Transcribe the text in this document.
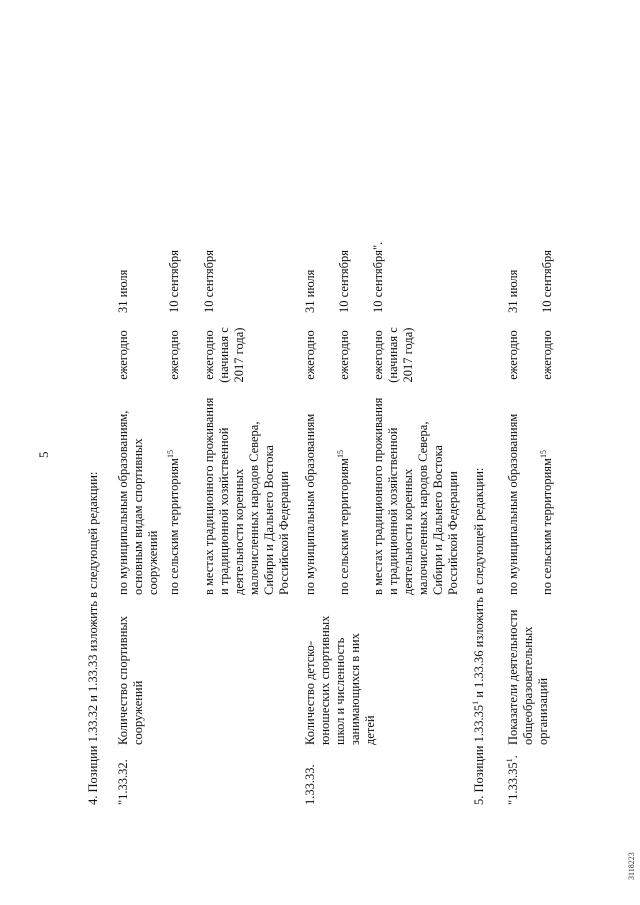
5
4. Позиции 1.33.32 и 1.33.33 изложить в следующей редакции: "1.33.32.
Количество спортивных сооружений
по муниципальным образованиям, основным видам спортивных сооружений
ежегодно
31 июля
по сельским территориям$^{15}$
ежегодно
10 сентября
в местах традиционного проживания и традиционной хозяйственной деятельности коренных малочисленных народов Севера, Сибири и Дальнего Востока Российской Федерации
ежегодно (начиная с 2017 года)
10 сентября
1.33.33.
Количество детско-юношеских спортивных школ и численность занимающихся в них детей
по муниципальным образованиям
ежегодно
31 июля
по сельским территориям$^{15}$
ежегодно
10 сентября
в местах традиционного проживания и традиционной хозяйственной деятельности коренных малочисленных народов Севера, Сибири и Дальнего Востока Российской Федерации
ежегодно (начиная с 2017 года)
10 сентября".
5. Позиции 1.33.35$^1$ и 1.33.36 изложить в следующей редакции:
"1.33.35$^1$.
Показатели деятельности общеобразовательных организаций
по муниципальным образованиям
ежегодно
31 июля
по сельским территориям$^{15}$
ежегодно
10 сентября
3118223
